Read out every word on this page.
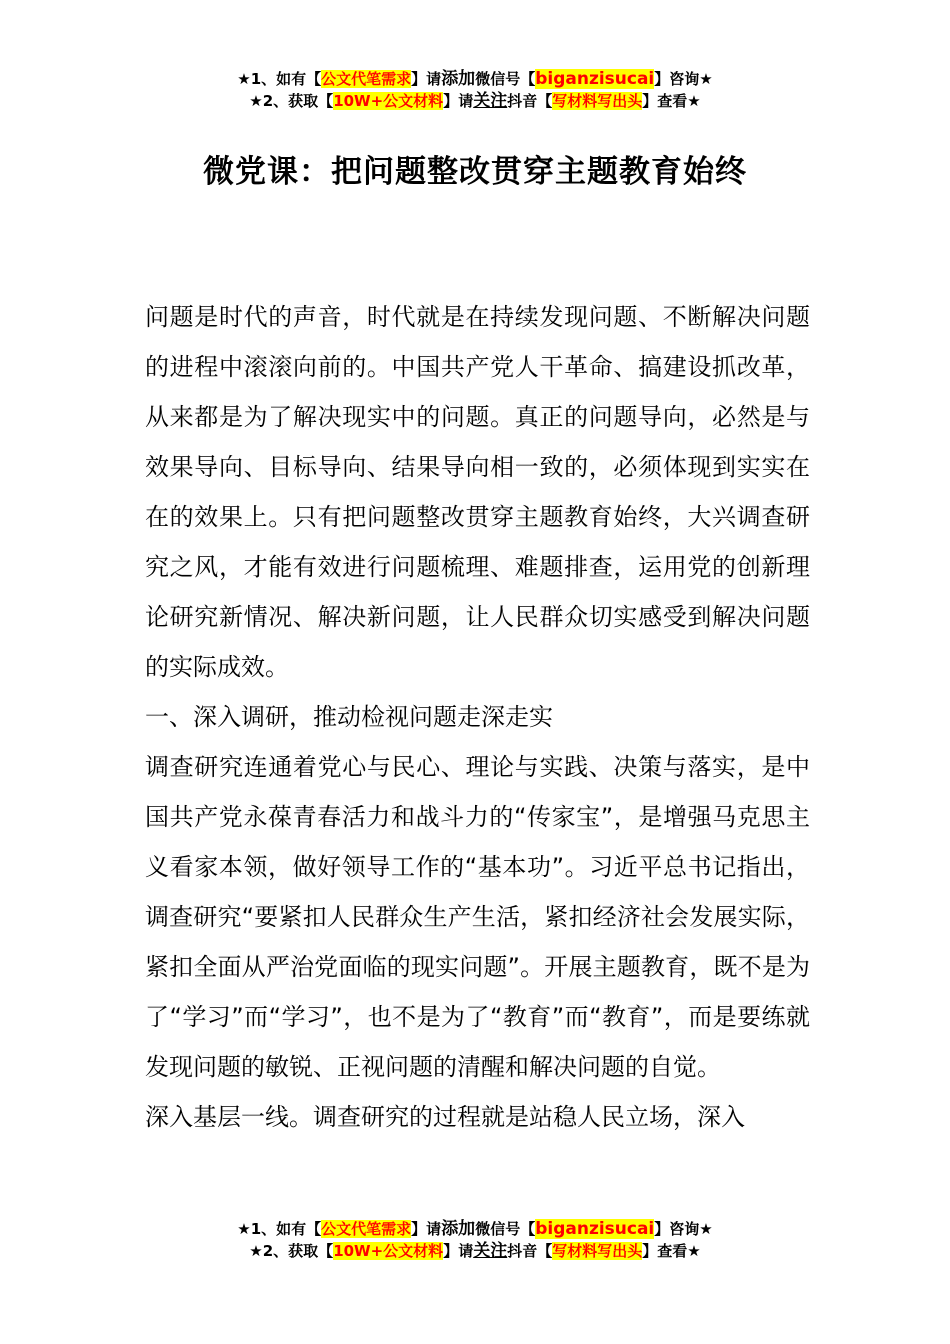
★1、如有【公文代笔需求】请添加微信号【biganzisucai】咨询★
★2、获取【10W+公文材料】请关注抖音【写材料写出头】查看★
微党课：把问题整改贯穿主题教育始终

问题是时代的声音，时代就是在持续发现问题、不断解决问题的进程中滚滚向前的。中国共产党人干革命、搞建设抓改革，从来都是为了解决现实中的问题。真正的问题导向，必然是与效果导向、目标导向、结果导向相一致的，必须体现到实实在在的效果上。只有把问题整改贯穿主题教育始终，大兴调查研究之风，才能有效进行问题梳理、难题排查，运用党的创新理论研究新情况、解决新问题，让人民群众切实感受到解决问题的实际成效。

一、深入调研，推动检视问题走深走实

调查研究连通着党心与民心、理论与实践、决策与落实，是中国共产党永葆青春活力和战斗力的“传家宝”，是增强马克思主义看家本领，做好领导工作的“基本功”。习近平总书记指出，调查研究“要紧扣人民群众生产生活，紧扣经济社会发展实际，紧扣全面从严治党面临的现实问题”。开展主题教育，既不是为了“学习”而“学习”，也不是为了“教育”而“教育”，而是要练就发现问题的敏锐、正视问题的清醒和解决问题的自觉。

深入基层一线。调查研究的过程就是站稳人民立场，深入

★1、如有【公文代笔需求】请添加微信号【biganzisucai】咨询★
★2、获取【10W+公文材料】请关注抖音【写材料写出头】查看★
